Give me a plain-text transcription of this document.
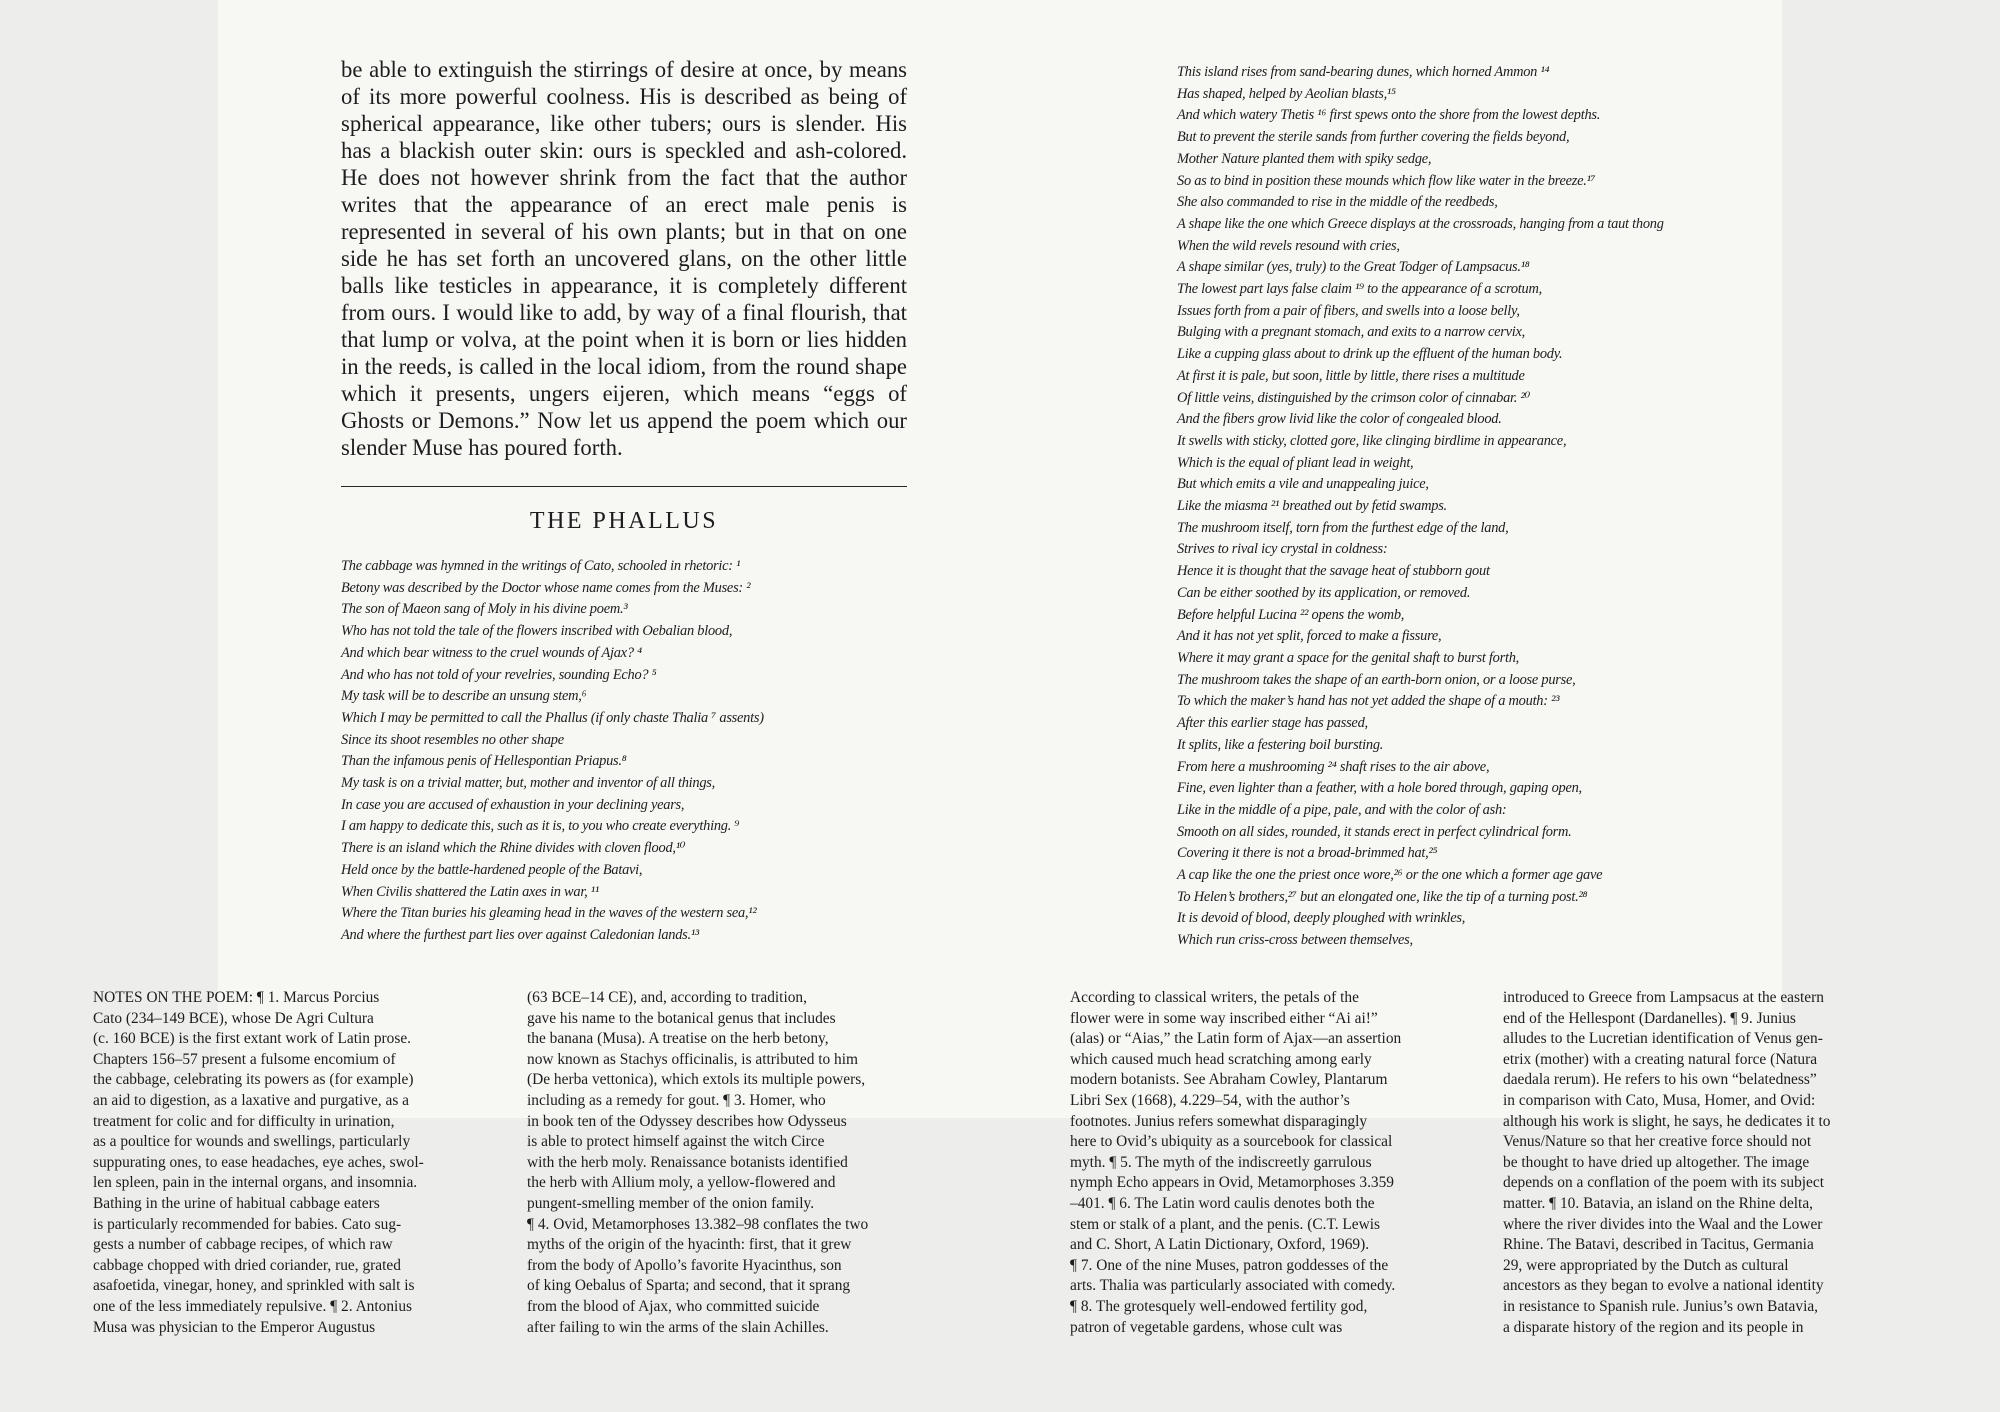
be able to extinguish the stirrings of desire at once, by means of its more powerful coolness. His is described as being of spherical appearance, like other tubers; ours is slender. His has a blackish outer skin: ours is speckled and ash-colored. He does not however shrink from the fact that the author writes that the appearance of an erect male penis is represented in several of his own plants; but in that on one side he has set forth an uncovered glans, on the other little balls like testicles in appearance, it is completely different from ours. I would like to add, by way of a final flourish, that that lump or volva, at the point when it is born or lies hidden in the reeds, is called in the local idiom, from the round shape which it presents, ungers eijeren, which means “eggs of Ghosts or Demons.” Now let us append the poem which our slender Muse has poured forth.

THE PHALLUS
The cabbage was hymned in the writings of Cato, schooled in rhetoric: ¹
Betony was described by the Doctor whose name comes from the Muses: ²
The son of Maeon sang of Moly in his divine poem.³
Who has not told the tale of the flowers inscribed with Oebalian blood,
And which bear witness to the cruel wounds of Ajax? ⁴
And who has not told of your revelries, sounding Echo? ⁵
My task will be to describe an unsung stem,⁶
Which I may be permitted to call the Phallus (if only chaste Thalia ⁷ assents)
Since its shoot resembles no other shape
Than the infamous penis of Hellespontian Priapus.⁸
My task is on a trivial matter, but, mother and inventor of all things,
In case you are accused of exhaustion in your declining years,
I am happy to dedicate this, such as it is, to you who create everything. ⁹
There is an island which the Rhine divides with cloven flood,¹⁰
Held once by the battle-hardened people of the Batavi,
When Civilis shattered the Latin axes in war, ¹¹
Where the Titan buries his gleaming head in the waves of the western sea,¹²
And where the furthest part lies over against Caledonian lands.¹³
This island rises from sand-bearing dunes, which horned Ammon ¹⁴
Has shaped, helped by Aeolian blasts,¹⁵
And which watery Thetis ¹⁶ first spews onto the shore from the lowest depths.
But to prevent the sterile sands from further covering the fields beyond,
Mother Nature planted them with spiky sedge,
So as to bind in position these mounds which flow like water in the breeze.¹⁷
She also commanded to rise in the middle of the reedbeds,
A shape like the one which Greece displays at the crossroads, hanging from a taut thong
When the wild revels resound with cries,
A shape similar (yes, truly) to the Great Todger of Lampsacus.¹⁸
The lowest part lays false claim ¹⁹ to the appearance of a scrotum,
Issues forth from a pair of fibers, and swells into a loose belly,
Bulging with a pregnant stomach, and exits to a narrow cervix,
Like a cupping glass about to drink up the effluent of the human body.
At first it is pale, but soon, little by little, there rises a multitude
Of little veins, distinguished by the crimson color of cinnabar. ²⁰
And the fibers grow livid like the color of congealed blood.
It swells with sticky, clotted gore, like clinging birdlime in appearance,
Which is the equal of pliant lead in weight,
But which emits a vile and unappealing juice,
Like the miasma ²¹ breathed out by fetid swamps.
The mushroom itself, torn from the furthest edge of the land,
Strives to rival icy crystal in coldness:
Hence it is thought that the savage heat of stubborn gout
Can be either soothed by its application, or removed.
Before helpful Lucina ²² opens the womb,
And it has not yet split, forced to make a fissure,
Where it may grant a space for the genital shaft to burst forth,
The mushroom takes the shape of an earth-born onion, or a loose purse,
To which the maker’s hand has not yet added the shape of a mouth: ²³
After this earlier stage has passed,
It splits, like a festering boil bursting.
From here a mushrooming ²⁴ shaft rises to the air above,
Fine, even lighter than a feather, with a hole bored through, gaping open,
Like in the middle of a pipe, pale, and with the color of ash:
Smooth on all sides, rounded, it stands erect in perfect cylindrical form.
Covering it there is not a broad-brimmed hat,²⁵
A cap like the one the priest once wore,²⁶ or the one which a former age gave
To Helen’s brothers,²⁷ but an elongated one, like the tip of a turning post.²⁸
It is devoid of blood, deeply ploughed with wrinkles,
Which run criss-cross between themselves,
NOTES ON THE POEM: ¶ 1. Marcus Porcius
Cato (234–149 BCE), whose De Agri Cultura
(c. 160 BCE) is the first extant work of Latin prose.
Chapters 156–57 present a fulsome encomium of
the cabbage, celebrating its powers as (for example)
an aid to digestion, as a laxative and purgative, as a
treatment for colic and for difficulty in urination,
as a poultice for wounds and swellings, particularly
suppurating ones, to ease headaches, eye aches, swol-
len spleen, pain in the internal organs, and insomnia.
Bathing in the urine of habitual cabbage eaters
is particularly recommended for babies. Cato sug-
gests a number of cabbage recipes, of which raw
cabbage chopped with dried coriander, rue, grated
asafoetida, vinegar, honey, and sprinkled with salt is
one of the less immediately repulsive. ¶ 2. Antonius
Musa was physician to the Emperor Augustus
(63 BCE–14 CE), and, according to tradition,
gave his name to the botanical genus that includes
the banana (Musa). A treatise on the herb betony,
now known as Stachys officinalis, is attributed to him
(De herba vettonica), which extols its multiple powers,
including as a remedy for gout. ¶ 3. Homer, who
in book ten of the Odyssey describes how Odysseus
is able to protect himself against the witch Circe
with the herb moly. Renaissance botanists identified
the herb with Allium moly, a yellow-flowered and
pungent-smelling member of the onion family.
¶ 4. Ovid, Metamorphoses 13.382–98 conflates the two
myths of the origin of the hyacinth: first, that it grew
from the body of Apollo’s favorite Hyacinthus, son
of king Oebalus of Sparta; and second, that it sprang
from the blood of Ajax, who committed suicide
after failing to win the arms of the slain Achilles.
According to classical writers, the petals of the
flower were in some way inscribed either “Ai ai!”
(alas) or “Aias,” the Latin form of Ajax—an assertion
which caused much head scratching among early
modern botanists. See Abraham Cowley, Plantarum
Libri Sex (1668), 4.229–54, with the author’s
footnotes. Junius refers somewhat disparagingly
here to Ovid’s ubiquity as a sourcebook for classical
myth. ¶ 5. The myth of the indiscreetly garrulous
nymph Echo appears in Ovid, Metamorphoses 3.359
–401. ¶ 6. The Latin word caulis denotes both the
stem or stalk of a plant, and the penis. (C.T. Lewis
and C. Short, A Latin Dictionary, Oxford, 1969).
¶ 7. One of the nine Muses, patron goddesses of the
arts. Thalia was particularly associated with comedy.
¶ 8. The grotesquely well-endowed fertility god,
patron of vegetable gardens, whose cult was
introduced to Greece from Lampsacus at the eastern
end of the Hellespont (Dardanelles). ¶ 9. Junius
alludes to the Lucretian identification of Venus gen-
etrix (mother) with a creating natural force (Natura
daedala rerum). He refers to his own “belatedness”
in comparison with Cato, Musa, Homer, and Ovid:
although his work is slight, he says, he dedicates it to
Venus/Nature so that her creative force should not
be thought to have dried up altogether. The image
depends on a conflation of the poem with its subject
matter. ¶ 10. Batavia, an island on the Rhine delta,
where the river divides into the Waal and the Lower
Rhine. The Batavi, described in Tacitus, Germania
29, were appropriated by the Dutch as cultural
ancestors as they began to evolve a national identity
in resistance to Spanish rule. Junius’s own Batavia,
a disparate history of the region and its people in
